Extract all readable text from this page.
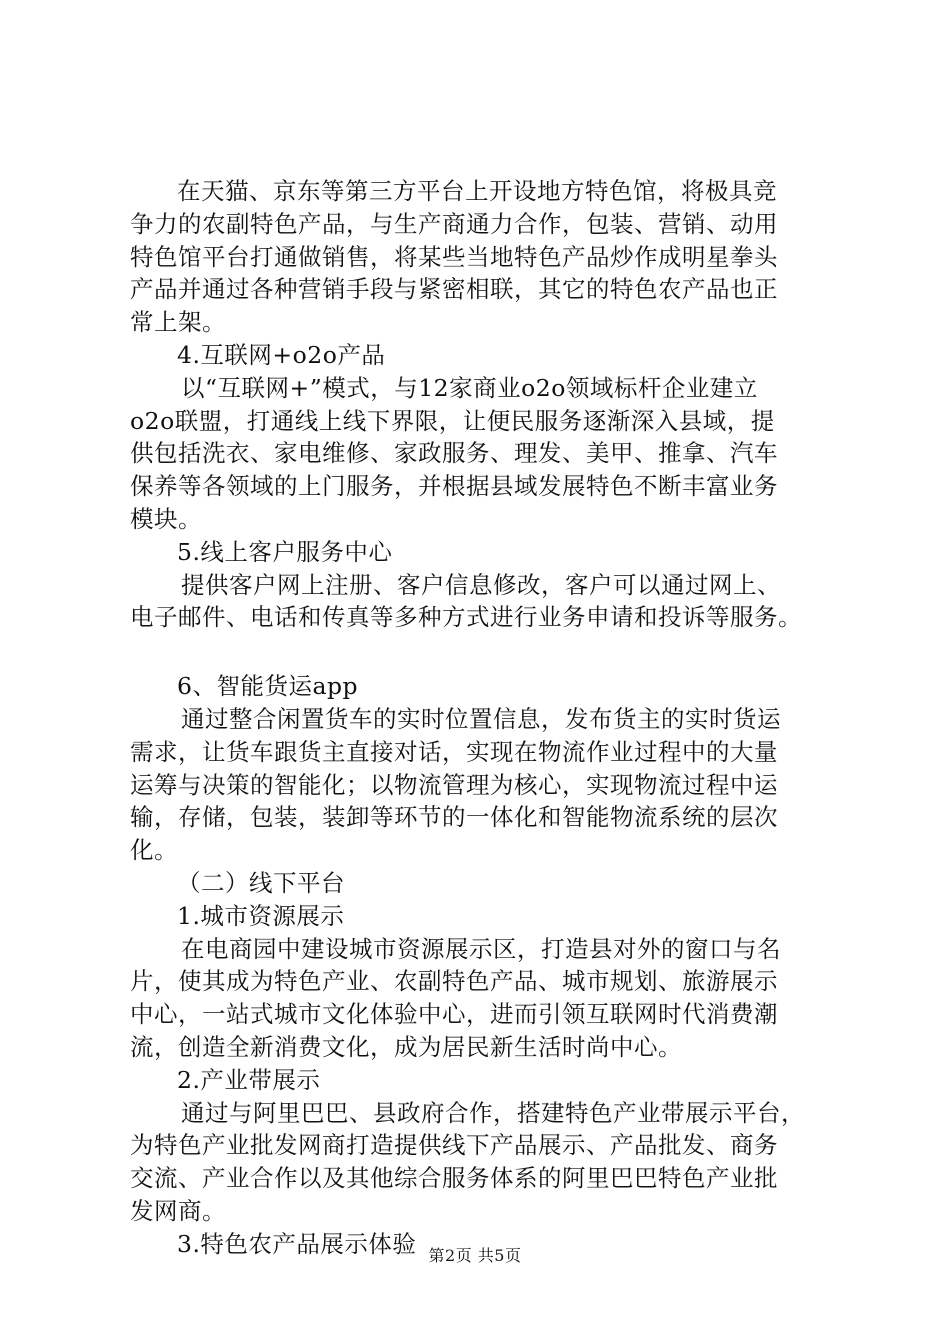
在天猫、京东等第三方平台上开设地方特色馆，将极具竞
争力的农副特色产品，与生产商通力合作，包装、营销、动用
特色馆平台打通做销售，将某些当地特色产品炒作成明星拳头
产品并通过各种营销手段与紧密相联，其它的特色农产品也正
常上架。
4.互联网+o2o产品
以“互联网+”模式，与12家商业o2o领域标杆企业建立
o2o联盟，打通线上线下界限，让便民服务逐渐深入县域，提
供包括洗衣、家电维修、家政服务、理发、美甲、推拿、汽车
保养等各领域的上门服务，并根据县域发展特色不断丰富业务
模块。
5.线上客户服务中心
提供客户网上注册、客户信息修改，客户可以通过网上、
电子邮件、电话和传真等多种方式进行业务申请和投诉等服务。
6、智能货运app
通过整合闲置货车的实时位置信息，发布货主的实时货运
需求，让货车跟货主直接对话，实现在物流作业过程中的大量
运筹与决策的智能化；以物流管理为核心，实现物流过程中运
输，存储，包装，装卸等环节的一体化和智能物流系统的层次
化。
（二）线下平台
1.城市资源展示
在电商园中建设城市资源展示区，打造县对外的窗口与名
片，使其成为特色产业、农副特色产品、城市规划、旅游展示
中心，一站式城市文化体验中心，进而引领互联网时代消费潮
流，创造全新消费文化，成为居民新生活时尚中心。
2.产业带展示
通过与阿里巴巴、县政府合作，搭建特色产业带展示平台，
为特色产业批发网商打造提供线下产品展示、产品批发、商务
交流、产业合作以及其他综合服务体系的阿里巴巴特色产业批
发网商。
3.特色农产品展示体验 第2页 共5页
